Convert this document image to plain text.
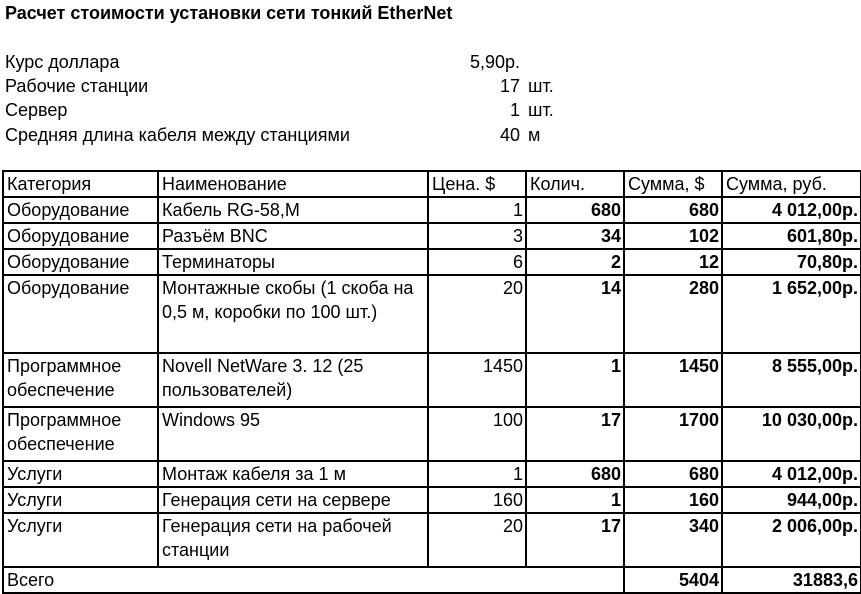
Расчет стоимости установки сети тонкий EtherNet
Курс доллара	5,90р.
Рабочие станции	17 шт.
Сервер	1 шт.
Средняя длина кабеля между станциями	40 м
Категория	Наименование	Цена. $	Колич.	Сумма, $	Сумма, руб.
Оборудование	Кабель RG-58,M	1	680	680	4 012,00р.
Оборудование	Разъём BNC	3	34	102	601,80р.
Оборудование	Терминаторы	6	2	12	70,80р.
Оборудование	Монтажные скобы (1 скоба на 0,5 м, коробки по 100 шт.)	20	14	280	1 652,00р.
Программное обеспечение	Novell NetWare 3. 12 (25 пользователей)	1450	1	1450	8 555,00р.
Программное обеспечение	Windows 95	100	17	1700	10 030,00р.
Услуги	Монтаж кабеля за 1 м	1	680	680	4 012,00р.
Услуги	Генерация сети на сервере	160	1	160	944,00р.
Услуги	Генерация сети на рабочей станции	20	17	340	2 006,00р.
Всего				5404	31883,6
